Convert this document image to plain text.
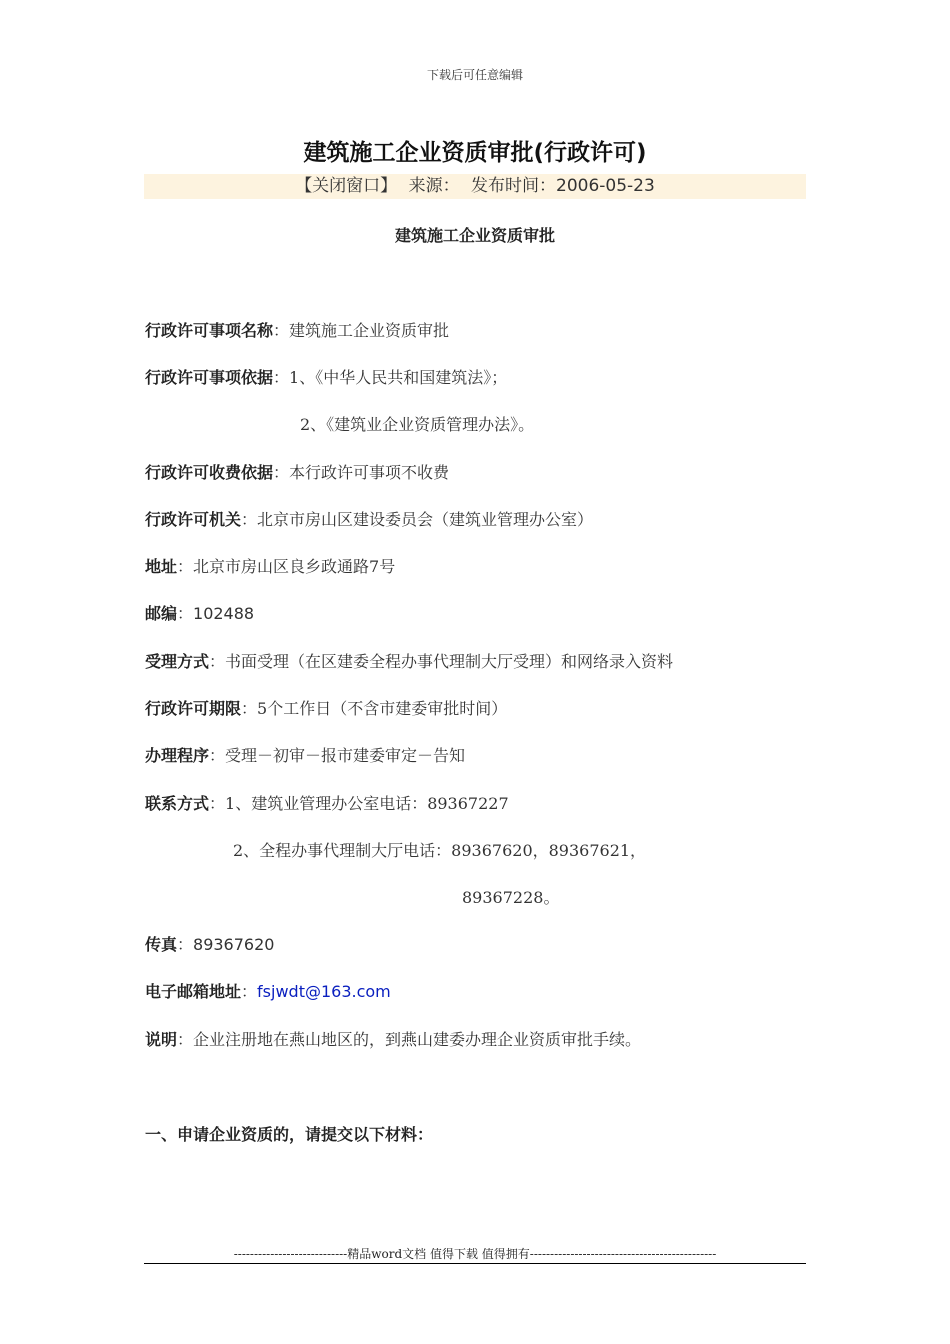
下载后可任意编辑
建筑施工企业资质审批(行政许可)
【关闭窗口】 来源： 发布时间：2006-05-23
建筑施工企业资质审批
行政许可事项名称：建筑施工企业资质审批
行政许可事项依据：1、《中华人民共和国建筑法》；
2、《建筑业企业资质管理办法》。
行政许可收费依据：本行政许可事项不收费
行政许可机关：北京市房山区建设委员会（建筑业管理办公室）
地址：北京市房山区良乡政通路7号
邮编：102488
受理方式：书面受理（在区建委全程办事代理制大厅受理）和网络录入资料
行政许可期限：5个工作日（不含市建委审批时间）
办理程序：受理－初审－报市建委审定－告知
联系方式：1、建筑业管理办公室电话：89367227
2、全程办事代理制大厅电话：89367620，89367621，
89367228。
传真：89367620
电子邮箱地址：fsjwdt@163.com
说明：企业注册地在燕山地区的，到燕山建委办理企业资质审批手续。
一、申请企业资质的，请提交以下材料：
----------------------------精品word文档 值得下载 值得拥有----------------------------------------------
